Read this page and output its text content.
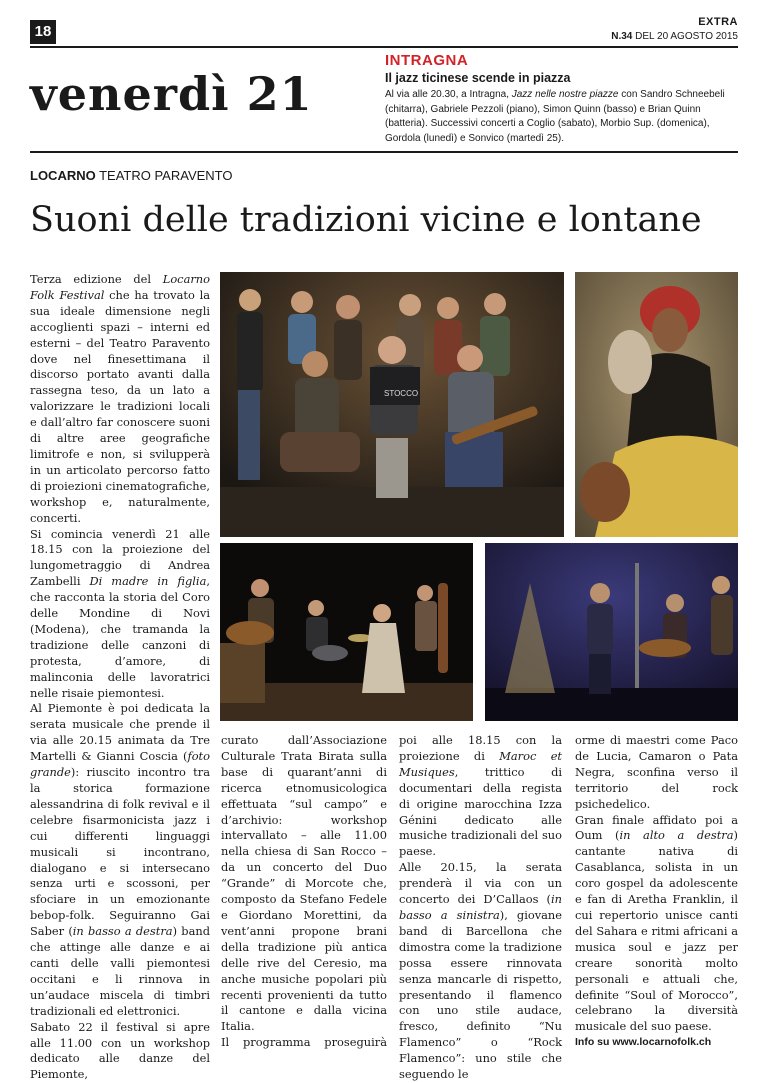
18
EXTRA
N.34 DEL 20 AGOSTO 2015
venerdì 21
INTRAGNA
Il jazz ticinese scende in piazza
Al via alle 20.30, a Intragna, Jazz nelle nostre piazze con Sandro Schneebeli (chitarra), Gabriele Pezzoli (piano), Simon Quinn (basso) e Brian Quinn (batteria). Successivi concerti a Coglio (sabato), Morbio Sup. (domenica), Gordola (lunedì) e Sonvico (martedì 25).
LOCARNO TEATRO PARAVENTO
Suoni delle tradizioni vicine e lontane

Terza edizione del Locarno Folk Festival che ha trovato la sua ideale dimensione negli accoglienti spazi – interni ed esterni – del Teatro Paravento dove nel finesettimana il discorso portato avanti dalla rassegna teso, da un lato a valorizzare le tradizioni locali e dall’altro far conoscere suoni di altre aree geografiche limitrofe e non, si svilupperà in un articolato percorso fatto di proiezioni cinematografiche, workshop e, naturalmente, concerti.

Si comincia venerdì 21 alle 18.15 con la proiezione del lungometraggio di Andrea Zambelli Di madre in figlia, che racconta la storia del Coro delle Mondine di Novi (Modena), che tramanda la tradizione delle canzoni di protesta, d’amore, di malinconia delle lavoratrici nelle risaie piemontesi.

Al Piemonte è poi dedicata la serata musicale che prende il via alle 20.15 animata da Tre Martelli & Gianni Coscia (foto grande): riuscito incontro tra la storica formazione alessandrina di folk revival e il celebre fisarmonicista jazz i cui differenti linguaggi musicali si incontrano, dialogano e si intersecano senza urti e scossoni, per sfociare in un emozionante bebop-folk. Seguiranno Gai Saber (in basso a destra) band che attinge alle danze e ai canti delle valli piemontesi occitani e li rinnova in un’audace miscela di timbri tradizionali ed elettronici.

Sabato 22 il festival si apre alle 11.00 con un workshop dedicato alle danze del Piemonte,

STOCCO

curato dall’Associazione Culturale Trata Birata sulla base di quarant’anni di ricerca etnomusicologica effettuata “sul campo” e d’archivio: workshop intervallato – alle 11.00 nella chiesa di San Rocco – da un concerto del Duo “Grande” di Morcote che, composto da Stefano Fedele e Giordano Morettini, da vent’anni propone brani della tradizione più antica delle rive del Ceresio, ma anche musiche popolari più recenti provenienti da tutto il cantone e dalla vicina Italia.

Il programma proseguirà

poi alle 18.15 con la proiezione di Maroc et Musiques, trittico di documentari della regista di origine marocchina Izza Génini dedicato alle musiche tradizionali del suo paese.

Alle 20.15, la serata prenderà il via con un concerto dei D’Callaos (in basso a sinistra), giovane band di Barcellona che dimostra come la tradizione possa essere rinnovata senza mancarle di rispetto, presentando il flamenco con uno stile audace, fresco, definito “Nu Flamenco” o “Rock Flamenco”: uno stile che seguendo le

orme di maestri come Paco de Lucia, Camaron o Pata Negra, sconfina verso il territorio del rock psichedelico.

Gran finale affidato poi a Oum (in alto a destra) cantante nativa di Casablanca, solista in un coro gospel da adolescente e fan di Aretha Franklin, il cui repertorio unisce canti del Sahara e ritmi africani a musica soul e jazz per creare sonorità molto personali e attuali che, definite “Soul of Morocco”, celebrano la diversità musicale del suo paese.

Info su www.locarnofolk.ch
